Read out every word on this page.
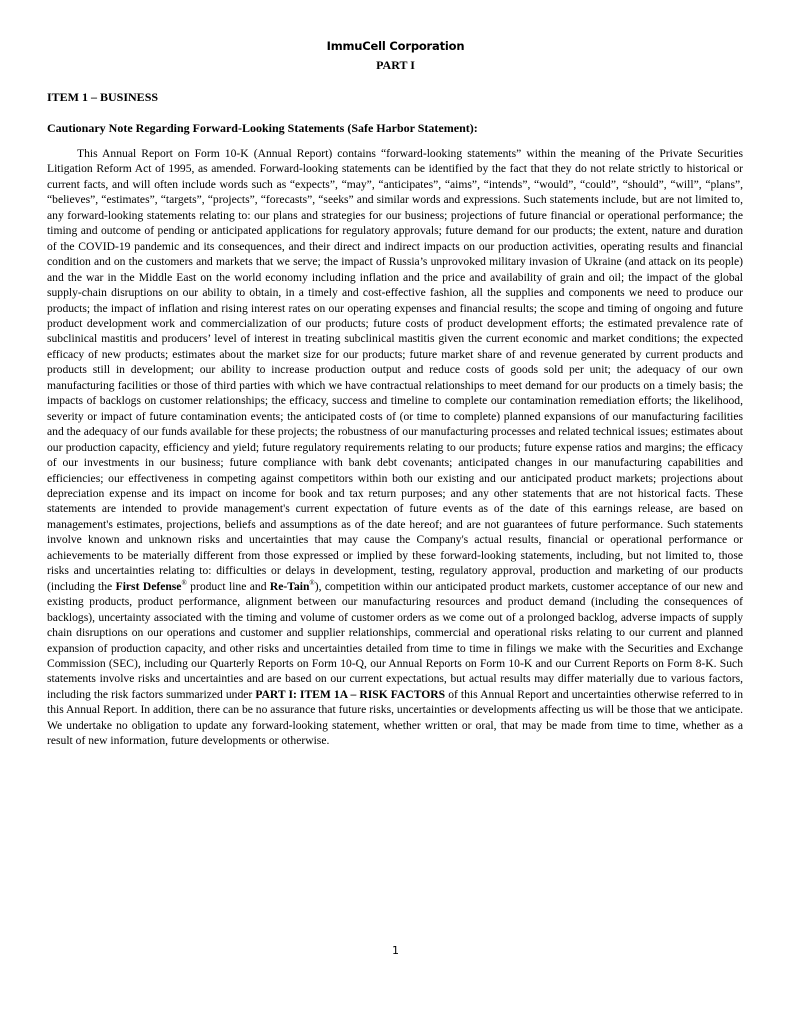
ImmuCell Corporation
PART I
ITEM 1 – BUSINESS
Cautionary Note Regarding Forward-Looking Statements (Safe Harbor Statement):

This Annual Report on Form 10-K (Annual Report) contains “forward-looking statements” within the meaning of the Private Securities Litigation Reform Act of 1995, as amended. Forward-looking statements can be identified by the fact that they do not relate strictly to historical or current facts, and will often include words such as “expects”, “may”, “anticipates”, “aims”, “intends”, “would”, “could”, “should”, “will”, “plans”, “believes”, “estimates”, “targets”, “projects”, “forecasts”, “seeks” and similar words and expressions. Such statements include, but are not limited to, any forward-looking statements relating to: our plans and strategies for our business; projections of future financial or operational performance; the timing and outcome of pending or anticipated applications for regulatory approvals; future demand for our products; the extent, nature and duration of the COVID-19 pandemic and its consequences, and their direct and indirect impacts on our production activities, operating results and financial condition and on the customers and markets that we serve; the impact of Russia’s unprovoked military invasion of Ukraine (and attack on its people) and the war in the Middle East on the world economy including inflation and the price and availability of grain and oil; the impact of the global supply-chain disruptions on our ability to obtain, in a timely and cost-effective fashion, all the supplies and components we need to produce our products; the impact of inflation and rising interest rates on our operating expenses and financial results; the scope and timing of ongoing and future product development work and commercialization of our products; future costs of product development efforts; the estimated prevalence rate of subclinical mastitis and producers’ level of interest in treating subclinical mastitis given the current economic and market conditions; the expected efficacy of new products; estimates about the market size for our products; future market share of and revenue generated by current products and products still in development; our ability to increase production output and reduce costs of goods sold per unit; the adequacy of our own manufacturing facilities or those of third parties with which we have contractual relationships to meet demand for our products on a timely basis; the impacts of backlogs on customer relationships; the efficacy, success and timeline to complete our contamination remediation efforts; the likelihood, severity or impact of future contamination events; the anticipated costs of (or time to complete) planned expansions of our manufacturing facilities and the adequacy of our funds available for these projects; the robustness of our manufacturing processes and related technical issues; estimates about our production capacity, efficiency and yield; future regulatory requirements relating to our products; future expense ratios and margins; the efficacy of our investments in our business; future compliance with bank debt covenants; anticipated changes in our manufacturing capabilities and efficiencies; our effectiveness in competing against competitors within both our existing and our anticipated product markets; projections about depreciation expense and its impact on income for book and tax return purposes; and any other statements that are not historical facts. These statements are intended to provide management's current expectation of future events as of the date of this earnings release, are based on management's estimates, projections, beliefs and assumptions as of the date hereof; and are not guarantees of future performance. Such statements involve known and unknown risks and uncertainties that may cause the Company's actual results, financial or operational performance or achievements to be materially different from those expressed or implied by these forward-looking statements, including, but not limited to, those risks and uncertainties relating to: difficulties or delays in development, testing, regulatory approval, production and marketing of our products (including the First Defense® product line and Re-Tain®), competition within our anticipated product markets, customer acceptance of our new and existing products, product performance, alignment between our manufacturing resources and product demand (including the consequences of backlogs), uncertainty associated with the timing and volume of customer orders as we come out of a prolonged backlog, adverse impacts of supply chain disruptions on our operations and customer and supplier relationships, commercial and operational risks relating to our current and planned expansion of production capacity, and other risks and uncertainties detailed from time to time in filings we make with the Securities and Exchange Commission (SEC), including our Quarterly Reports on Form 10-Q, our Annual Reports on Form 10-K and our Current Reports on Form 8-K. Such statements involve risks and uncertainties and are based on our current expectations, but actual results may differ materially due to various factors, including the risk factors summarized under PART I: ITEM 1A – RISK FACTORS of this Annual Report and uncertainties otherwise referred to in this Annual Report. In addition, there can be no assurance that future risks, uncertainties or developments affecting us will be those that we anticipate. We undertake no obligation to update any forward-looking statement, whether written or oral, that may be made from time to time, whether as a result of new information, future developments or otherwise.

1
